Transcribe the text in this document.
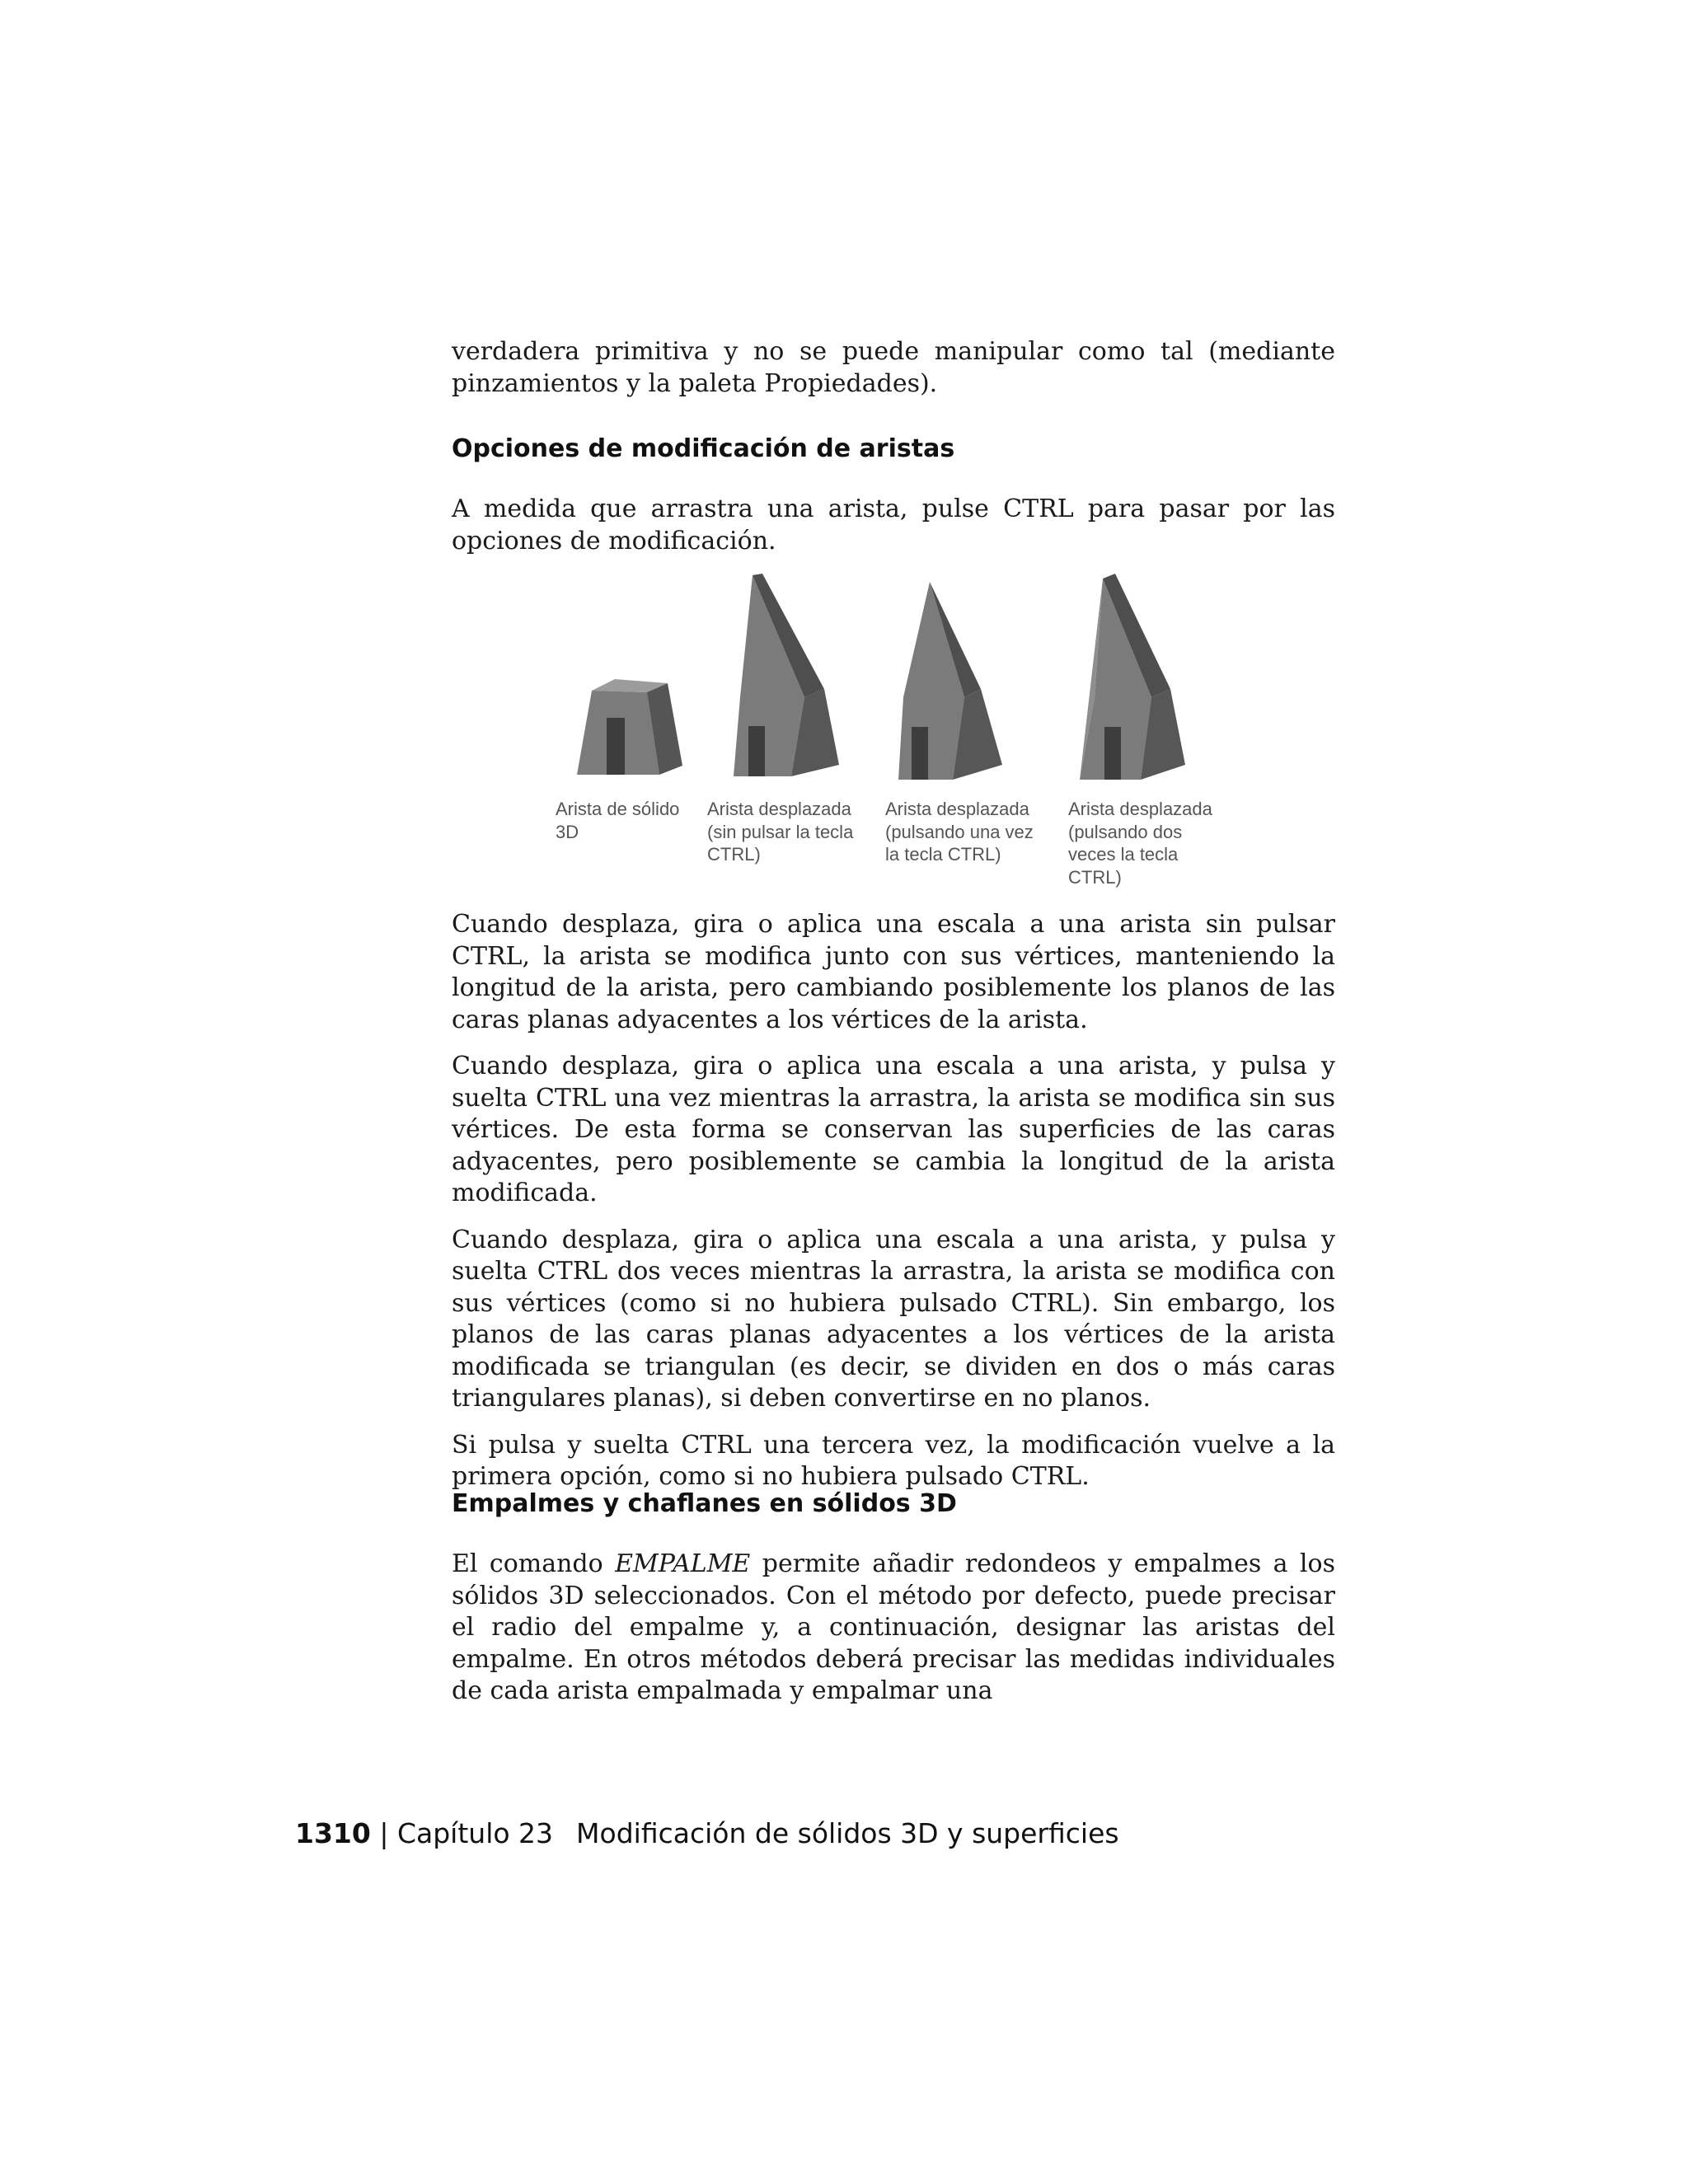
verdadera primitiva y no se puede manipular como tal (mediante pinzamientos y la paleta Propiedades).

Opciones de modificación de aristas

A medida que arrastra una arista, pulse CTRL para pasar por las opciones de modificación.

Arista de sólido
3D
Arista desplazada
(sin pulsar la tecla
CTRL)
Arista desplazada
(pulsando una vez
la tecla CTRL)
Arista desplazada
(pulsando dos
veces la tecla
CTRL)

Cuando desplaza, gira o aplica una escala a una arista sin pulsar CTRL, la arista se modifica junto con sus vértices, manteniendo la longitud de la arista, pero cambiando posiblemente los planos de las caras planas adyacentes a los vértices de la arista.

Cuando desplaza, gira o aplica una escala a una arista, y pulsa y suelta CTRL una vez mientras la arrastra, la arista se modifica sin sus vértices. De esta forma se conservan las superficies de las caras adyacentes, pero posiblemente se cambia la longitud de la arista modificada.

Cuando desplaza, gira o aplica una escala a una arista, y pulsa y suelta CTRL dos veces mientras la arrastra, la arista se modifica con sus vértices (como si no hubiera pulsado CTRL). Sin embargo, los planos de las caras planas adyacentes a los vértices de la arista modificada se triangulan (es decir, se dividen en dos o más caras triangulares planas), si deben convertirse en no planos.

Si pulsa y suelta CTRL una tercera vez, la modificación vuelve a la primera opción, como si no hubiera pulsado CTRL.

Empalmes y chaflanes en sólidos 3D

El comando EMPALME permite añadir redondeos y empalmes a los sólidos 3D seleccionados. Con el método por defecto, puede precisar el radio del empalme y, a continuación, designar las aristas del empalme. En otros métodos deberá precisar las medidas individuales de cada arista empalmada y empalmar una

1310 | Capítulo 23 Modificación de sólidos 3D y superficies
